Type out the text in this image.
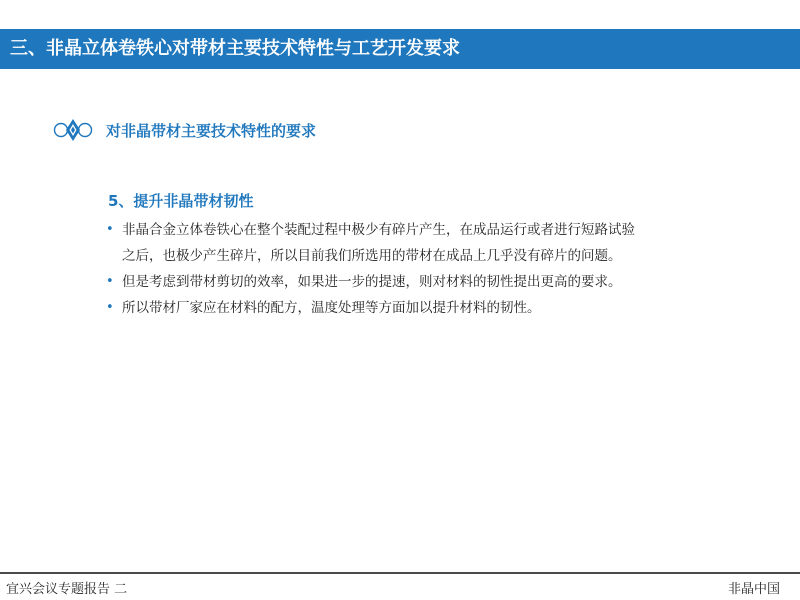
三、非晶立体卷铁心对带材主要技术特性与工艺开发要求
对非晶带材主要技术特性的要求
5、提升非晶带材韧性
• 非晶合金立体卷铁心在整个装配过程中极少有碎片产生，在成品运行或者进行短路试验
之后，也极少产生碎片，所以目前我们所选用的带材在成品上几乎没有碎片的问题。
• 但是考虑到带材剪切的效率，如果进一步的提速，则对材料的韧性提出更高的要求。
• 所以带材厂家应在材料的配方，温度处理等方面加以提升材料的韧性。
宜兴会议专题报告 二	非晶中国
